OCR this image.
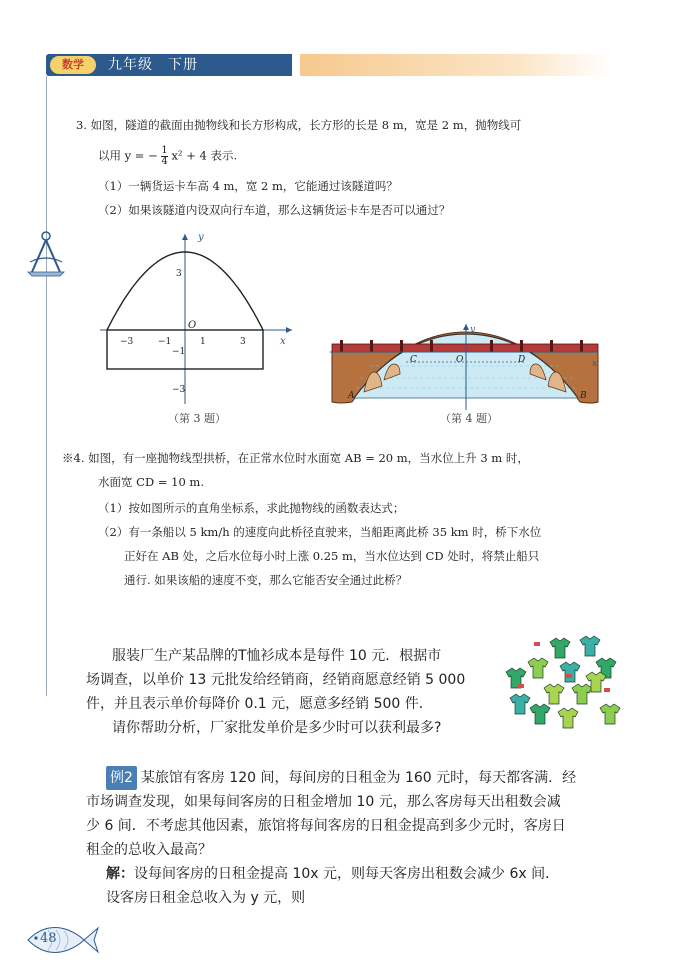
数学	九年级　下册
3. 如图，隧道的截面由抛物线和长方形构成，长方形的长是 8 m，宽是 2 m，抛物线可
以用 y = − $\frac{1}{4} x^2 + 4$ 表示.
（1）一辆货运卡车高 4 m，宽 2 m，它能通过该隧道吗？
（2）如果该隧道内设双向行车道，那么这辆货运卡车是否可以通过？
y
x
O
−3	−1	1	3
3
−1
−3
（第 3 题）
y
x
O
A	B
C	D
（第 4 题）
※4. 如图，有一座抛物线型拱桥，在正常水位时水面宽 AB = 20 m，当水位上升 3 m 时，
水面宽 CD = 10 m.
（1）按如图所示的直角坐标系，求此抛物线的函数表达式；
（2）有一条船以 5 km/h 的速度向此桥径直驶来，当船距离此桥 35 km 时，桥下水位
正好在 AB 处，之后水位每小时上涨 0.25 m，当水位达到 CD 处时，将禁止船只
通行. 如果该船的速度不变，那么它能否安全通过此桥？
服装厂生产某品牌的T恤衫成本是每件 10 元．根据市
场调查，以单价 13 元批发给经销商，经销商愿意经销 5 000
件，并且表示单价每降价 0.1 元，愿意多经销 500 件．
请你帮助分析，厂家批发单价是多少时可以获利最多?
例2 某旅馆有客房 120 间，每间房的日租金为 160 元时，每天都客满．经
市场调查发现，如果每间客房的日租金增加 10 元，那么客房每天出租数会减
少 6 间．不考虑其他因素，旅馆将每间客房的日租金提高到多少元时，客房日
租金的总收入最高？
解：设每间客房的日租金提高 10x 元，则每天客房出租数会减少 6x 间．
设客房日租金总收入为 y 元，则
48
